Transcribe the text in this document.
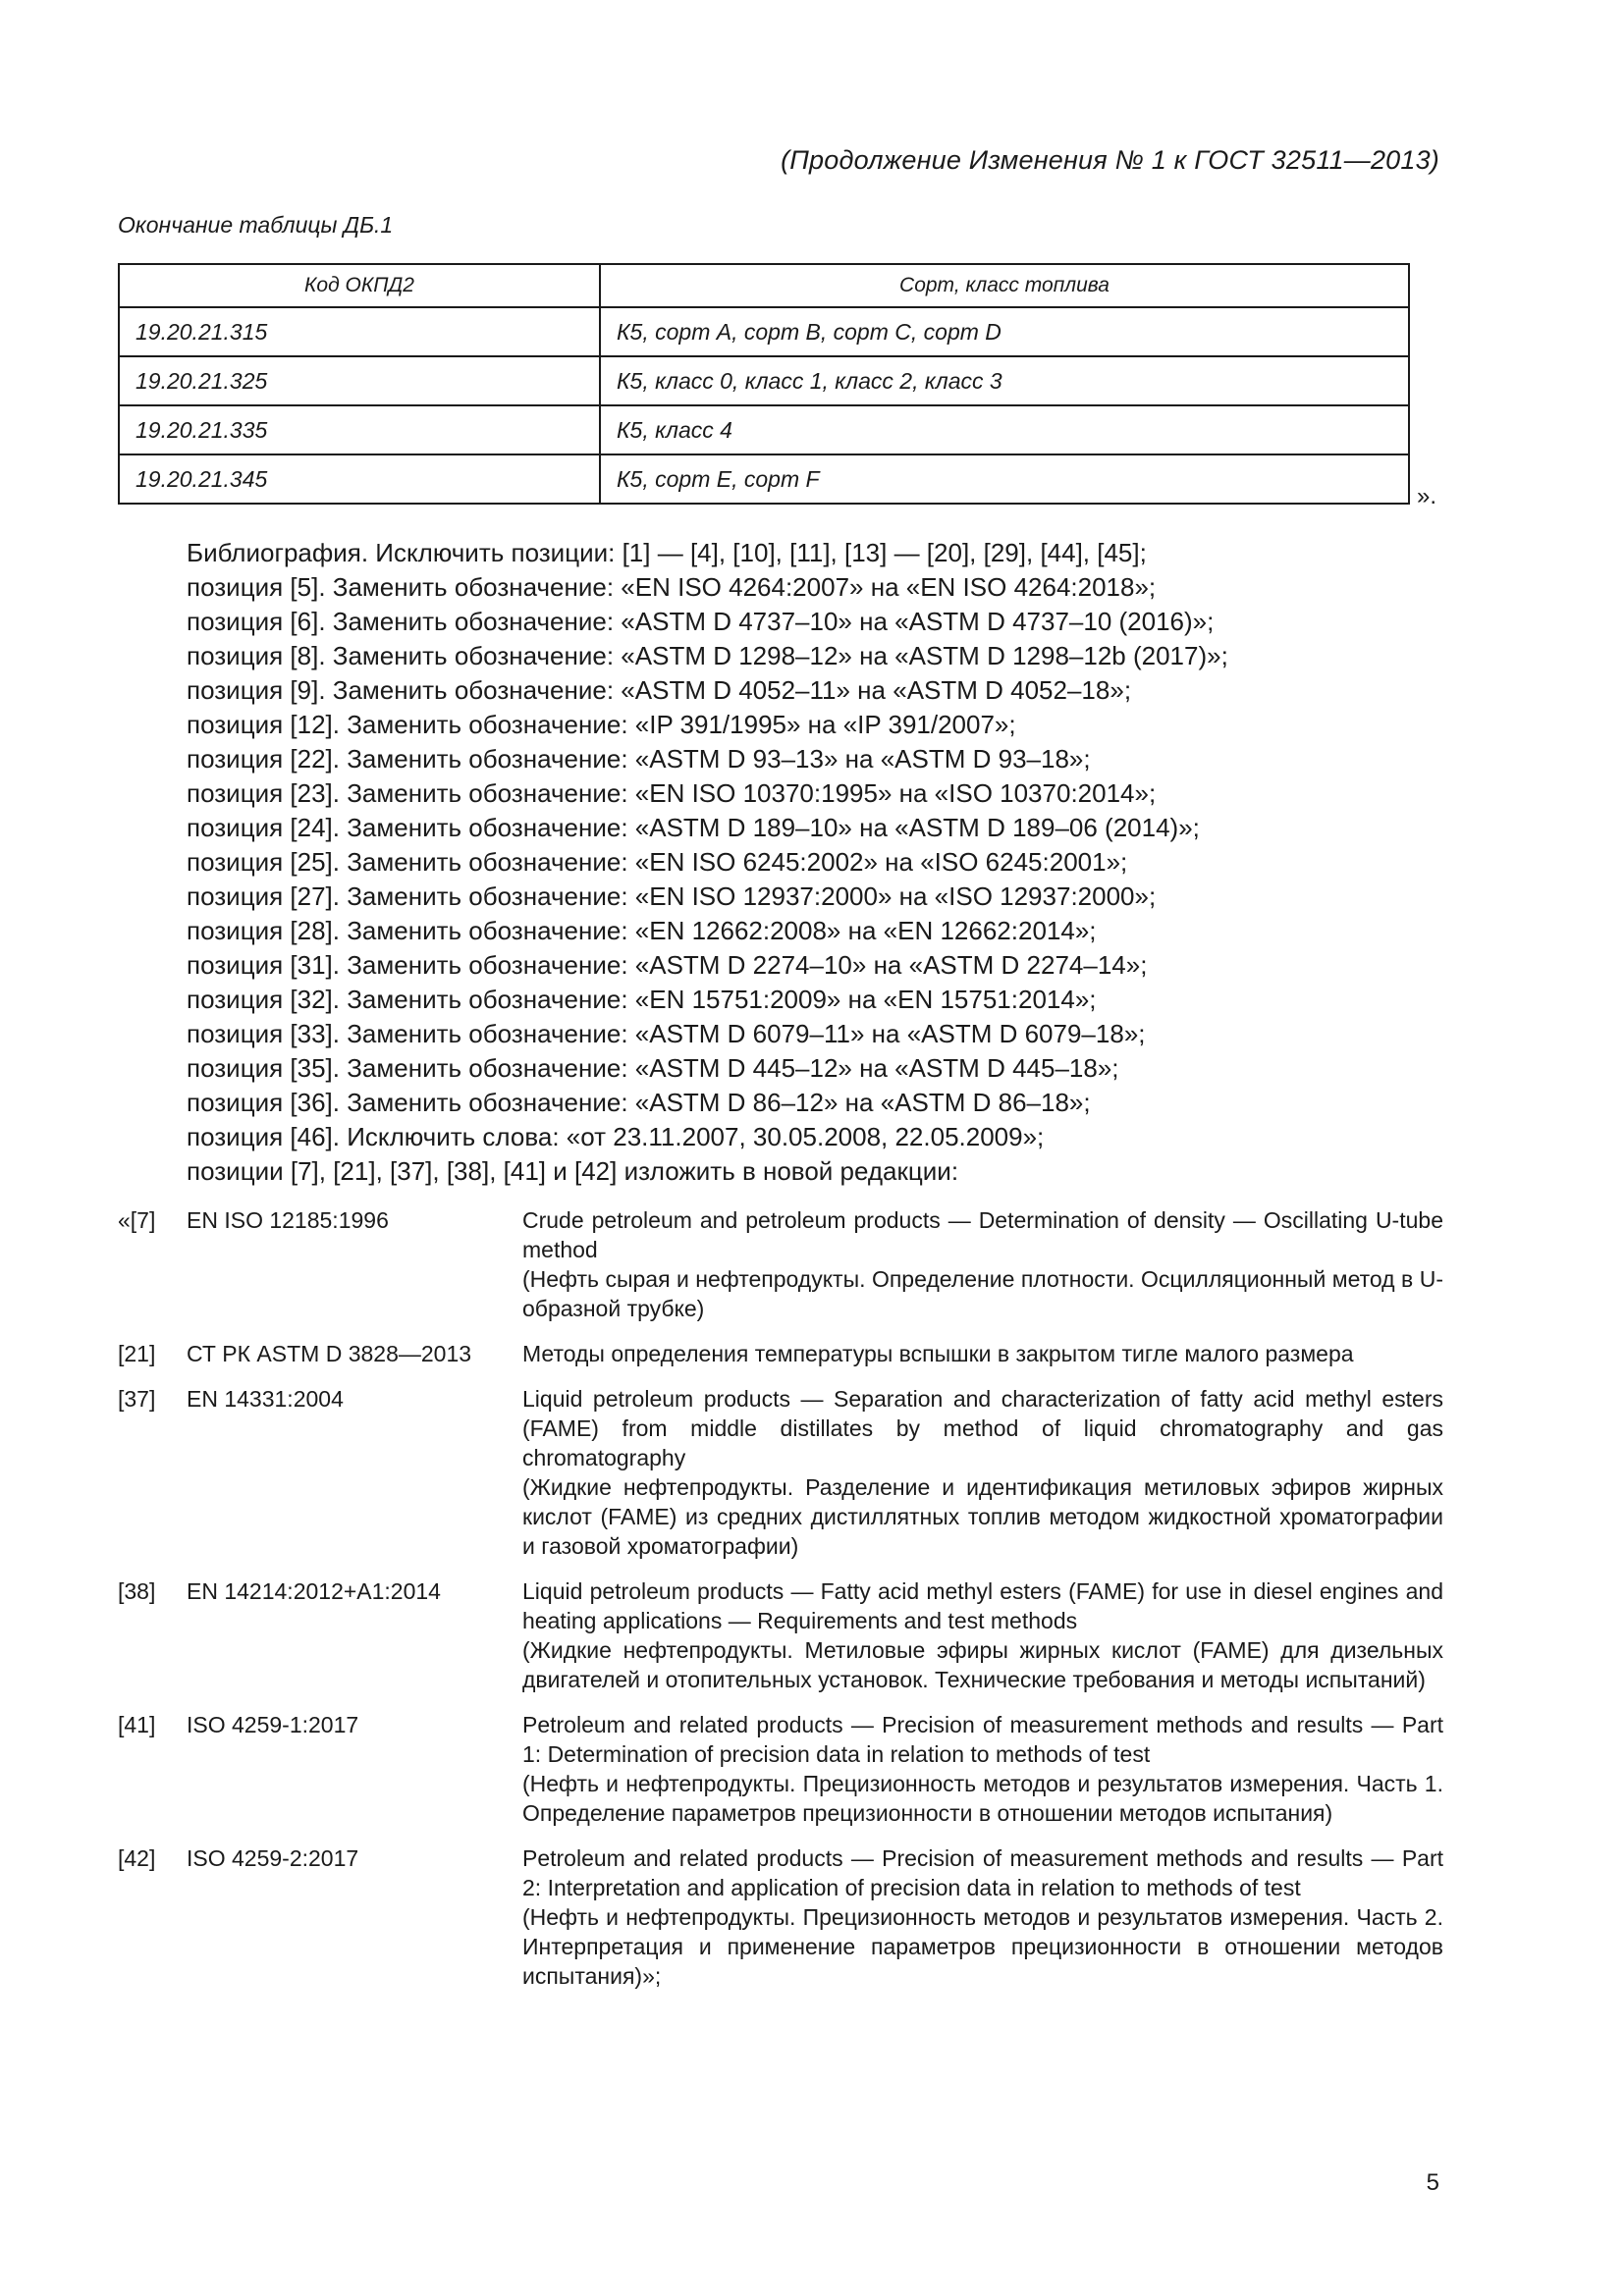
(Продолжение Изменения № 1 к ГОСТ 32511—2013)
Окончание таблицы ДБ.1
Код ОКПД2	Сорт, класс топлива
19.20.21.315	К5, сорт А, сорт В, сорт С, сорт D
19.20.21.325	К5, класс 0, класс 1, класс 2, класс 3
19.20.21.335	К5, класс 4
19.20.21.345	К5, сорт Е, сорт F
».
Библиография. Исключить позиции: [1] — [4], [10], [11], [13] — [20], [29], [44], [45];
позиция [5]. Заменить обозначение: «EN ISO 4264:2007» на «EN ISO 4264:2018»;
позиция [6]. Заменить обозначение: «ASTM D 4737–10» на «ASTM D 4737–10 (2016)»;
позиция [8]. Заменить обозначение: «ASTM D 1298–12» на «ASTM D 1298–12b (2017)»;
позиция [9]. Заменить обозначение: «ASTM D 4052–11» на «ASTM D 4052–18»;
позиция [12]. Заменить обозначение: «IP 391/1995» на «IP 391/2007»;
позиция [22]. Заменить обозначение: «ASTM D 93–13» на «ASTM D 93–18»;
позиция [23]. Заменить обозначение: «EN ISO 10370:1995» на «ISO 10370:2014»;
позиция [24]. Заменить обозначение: «ASTM D 189–10» на «ASTM D 189–06 (2014)»;
позиция [25]. Заменить обозначение: «EN ISO 6245:2002» на «ISO 6245:2001»;
позиция [27]. Заменить обозначение: «EN ISO 12937:2000» на «ISO 12937:2000»;
позиция [28]. Заменить обозначение: «EN 12662:2008» на «EN 12662:2014»;
позиция [31]. Заменить обозначение: «ASTM D 2274–10» на «ASTM D 2274–14»;
позиция [32]. Заменить обозначение: «EN 15751:2009» на «EN 15751:2014»;
позиция [33]. Заменить обозначение: «ASTM D 6079–11» на «ASTM D 6079–18»;
позиция [35]. Заменить обозначение: «ASTM D 445–12» на «ASTM D 445–18»;
позиция [36]. Заменить обозначение: «ASTM D 86–12» на «ASTM D 86–18»;
позиция [46]. Исключить слова: «от 23.11.2007, 30.05.2008, 22.05.2009»;
позиции [7], [21], [37], [38], [41] и [42] изложить в новой редакции:
«[7] EN ISO 12185:1996	Crude petroleum and petroleum products — Determination of density — Oscillating U-tube method
(Нефть сырая и нефтепродукты. Определение плотности. Осцилляционный метод в U-образной трубке)
[21] СТ РК ASTM D 3828—2013 Методы определения температуры вспышки в закрытом тигле малого размера
[37] EN 14331:2004	Liquid petroleum products — Separation and characterization of fatty acid methyl esters (FAME) from middle distillates by method of liquid chromatography and gas chromatography
(Жидкие нефтепродукты. Разделение и идентификация метиловых эфиров жирных кислот (FAME) из средних дистиллятных топлив методом жидкостной хроматографии и газовой хроматографии)
[38] EN 14214:2012+A1:2014	Liquid petroleum products — Fatty acid methyl esters (FAME) for use in diesel engines and heating applications — Requirements and test methods
(Жидкие нефтепродукты. Метиловые эфиры жирных кислот (FAME) для дизельных двигателей и отопительных установок. Технические требования и методы испытаний)
[41] ISO 4259-1:2017	Petroleum and related products — Precision of measurement methods and results — Part 1: Determination of precision data in relation to methods of test
(Нефть и нефтепродукты. Прецизионность методов и результатов измерения. Часть 1. Определение параметров прецизионности в отношении методов испытания)
[42] ISO 4259-2:2017	Petroleum and related products — Precision of measurement methods and results — Part 2: Interpretation and application of precision data in relation to methods of test
(Нефть и нефтепродукты. Прецизионность методов и результатов измерения. Часть 2. Интерпретация и применение параметров прецизионности в отношении методов испытания)»;
5
